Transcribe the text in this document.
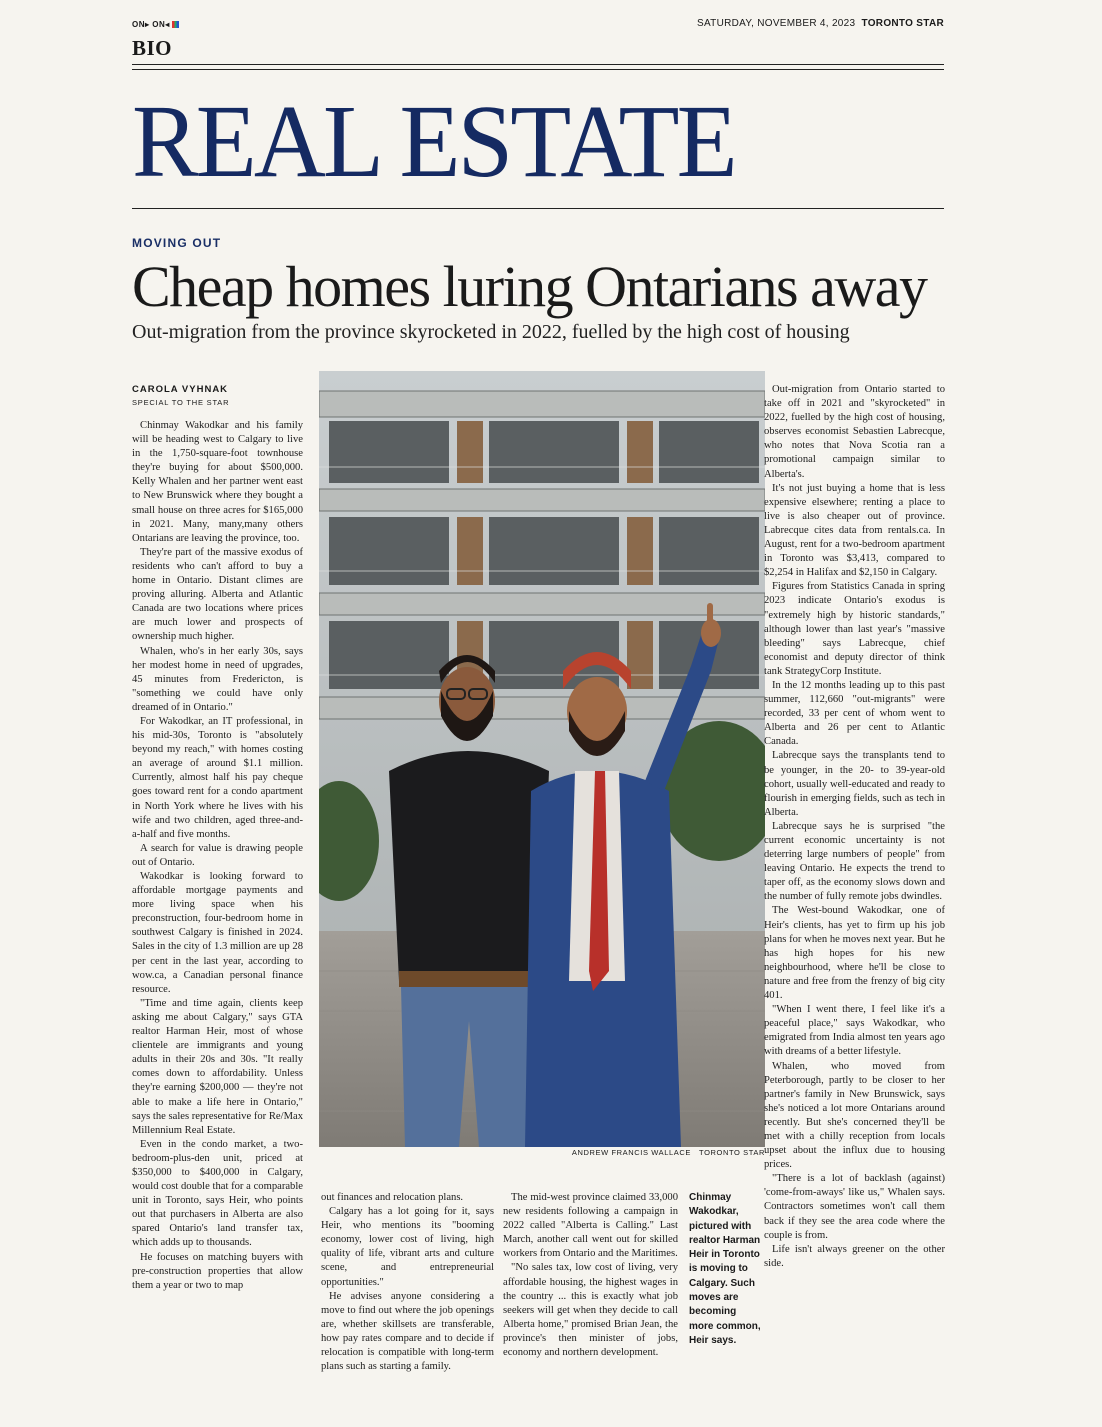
ON▸ ON◂	SATURDAY, NOVEMBER 4, 2023 TORONTO STAR
BIO
REAL ESTATE
MOVING OUT
Cheap homes luring Ontarians away
Out-migration from the province skyrocketed in 2022, fuelled by the high cost of housing
CAROLA VYHNAK
SPECIAL TO THE STAR

Chinmay Wakodkar and his family will be heading west to Calgary to live in the 1,750-square-foot townhouse they're buying for about $500,000. Kelly Whalen and her partner went east to New Brunswick where they bought a small house on three acres for $165,000 in 2021. Many, many,many others Ontarians are leaving the province, too.

They're part of the massive exodus of residents who can't afford to buy a home in Ontario. Distant climes are proving alluring. Alberta and Atlantic Canada are two locations where prices are much lower and prospects of ownership much higher.

Whalen, who's in her early 30s, says her modest home in need of upgrades, 45 minutes from Fredericton, is "something we could have only dreamed of in Ontario."

For Wakodkar, an IT professional, in his mid-30s, Toronto is "absolutely beyond my reach," with homes costing an average of around $1.1 million. Currently, almost half his pay cheque goes toward rent for a condo apartment in North York where he lives with his wife and two children, aged three-and-a-half and five months.

A search for value is drawing people out of Ontario.

Wakodkar is looking forward to affordable mortgage payments and more living space when his preconstruction, four-bedroom home in southwest Calgary is finished in 2024. Sales in the city of 1.3 million are up 28 per cent in the last year, according to wow.ca, a Canadian personal finance resource.

"Time and time again, clients keep asking me about Calgary," says GTA realtor Harman Heir, most of whose clientele are immigrants and young adults in their 20s and 30s. "It really comes down to affordability. Unless they're earning $200,000 — they're not able to make a life here in Ontario," says the sales representative for Re/Max Millennium Real Estate.

Even in the condo market, a two-bedroom-plus-den unit, priced at $350,000 to $400,000 in Calgary, would cost double that for a comparable unit in Toronto, says Heir, who points out that purchasers in Alberta are also spared Ontario's land transfer tax, which adds up to thousands.

He focuses on matching buyers with pre-construction properties that allow them a year or two to map

ANDREW FRANCIS WALLACE TORONTO STAR

out finances and relocation plans.

Calgary has a lot going for it, says Heir, who mentions its "booming economy, lower cost of living, high quality of life, vibrant arts and culture scene, and entrepreneurial opportunities."

He advises anyone considering a move to find out where the job openings are, whether skillsets are transferable, how pay rates compare and to decide if relocation is compatible with long-term plans such as starting a family.

The mid-west province claimed 33,000 new residents following a campaign in 2022 called "Alberta is Calling." Last March, another call went out for skilled workers from Ontario and the Maritimes.

"No sales tax, low cost of living, very affordable housing, the highest wages in the country ... this is exactly what job seekers will get when they decide to call Alberta home," promised Brian Jean, the province's then minister of jobs, economy and northern development.

Chinmay Wakodkar, pictured with realtor Harman Heir in Toronto is moving to Calgary. Such moves are becoming more common, Heir says.

Out-migration from Ontario started to take off in 2021 and "skyrocketed" in 2022, fuelled by the high cost of housing, observes economist Sebastien Labrecque, who notes that Nova Scotia ran a promotional campaign similar to Alberta's.

It's not just buying a home that is less expensive elsewhere; renting a place to live is also cheaper out of province. Labrecque cites data from rentals.ca. In August, rent for a two-bedroom apartment in Toronto was $3,413, compared to $2,254 in Halifax and $2,150 in Calgary.

Figures from Statistics Canada in spring 2023 indicate Ontario's exodus is "extremely high by historic standards," although lower than last year's "massive bleeding" says Labrecque, chief economist and deputy director of think tank StrategyCorp Institute.

In the 12 months leading up to this past summer, 112,660 "out-migrants" were recorded, 33 per cent of whom went to Alberta and 26 per cent to Atlantic Canada.

Labrecque says the transplants tend to be younger, in the 20- to 39-year-old cohort, usually well-educated and ready to flourish in emerging fields, such as tech in Alberta.

Labrecque says he is surprised "the current economic uncertainty is not deterring large numbers of people" from leaving Ontario. He expects the trend to taper off, as the economy slows down and the number of fully remote jobs dwindles.

The West-bound Wakodkar, one of Heir's clients, has yet to firm up his job plans for when he moves next year. But he has high hopes for his new neighbourhood, where he'll be close to nature and free from the frenzy of big city 401.

"When I went there, I feel like it's a peaceful place," says Wakodkar, who emigrated from India almost ten years ago with dreams of a better lifestyle.

Whalen, who moved from Peterborough, partly to be closer to her partner's family in New Brunswick, says she's noticed a lot more Ontarians around recently. But she's concerned they'll be met with a chilly reception from locals upset about the influx due to housing prices.

"There is a lot of backlash (against) 'come-from-aways' like us," Whalen says. Contractors sometimes won't call them back if they see the area code where the couple is from.

Life isn't always greener on the other side.
